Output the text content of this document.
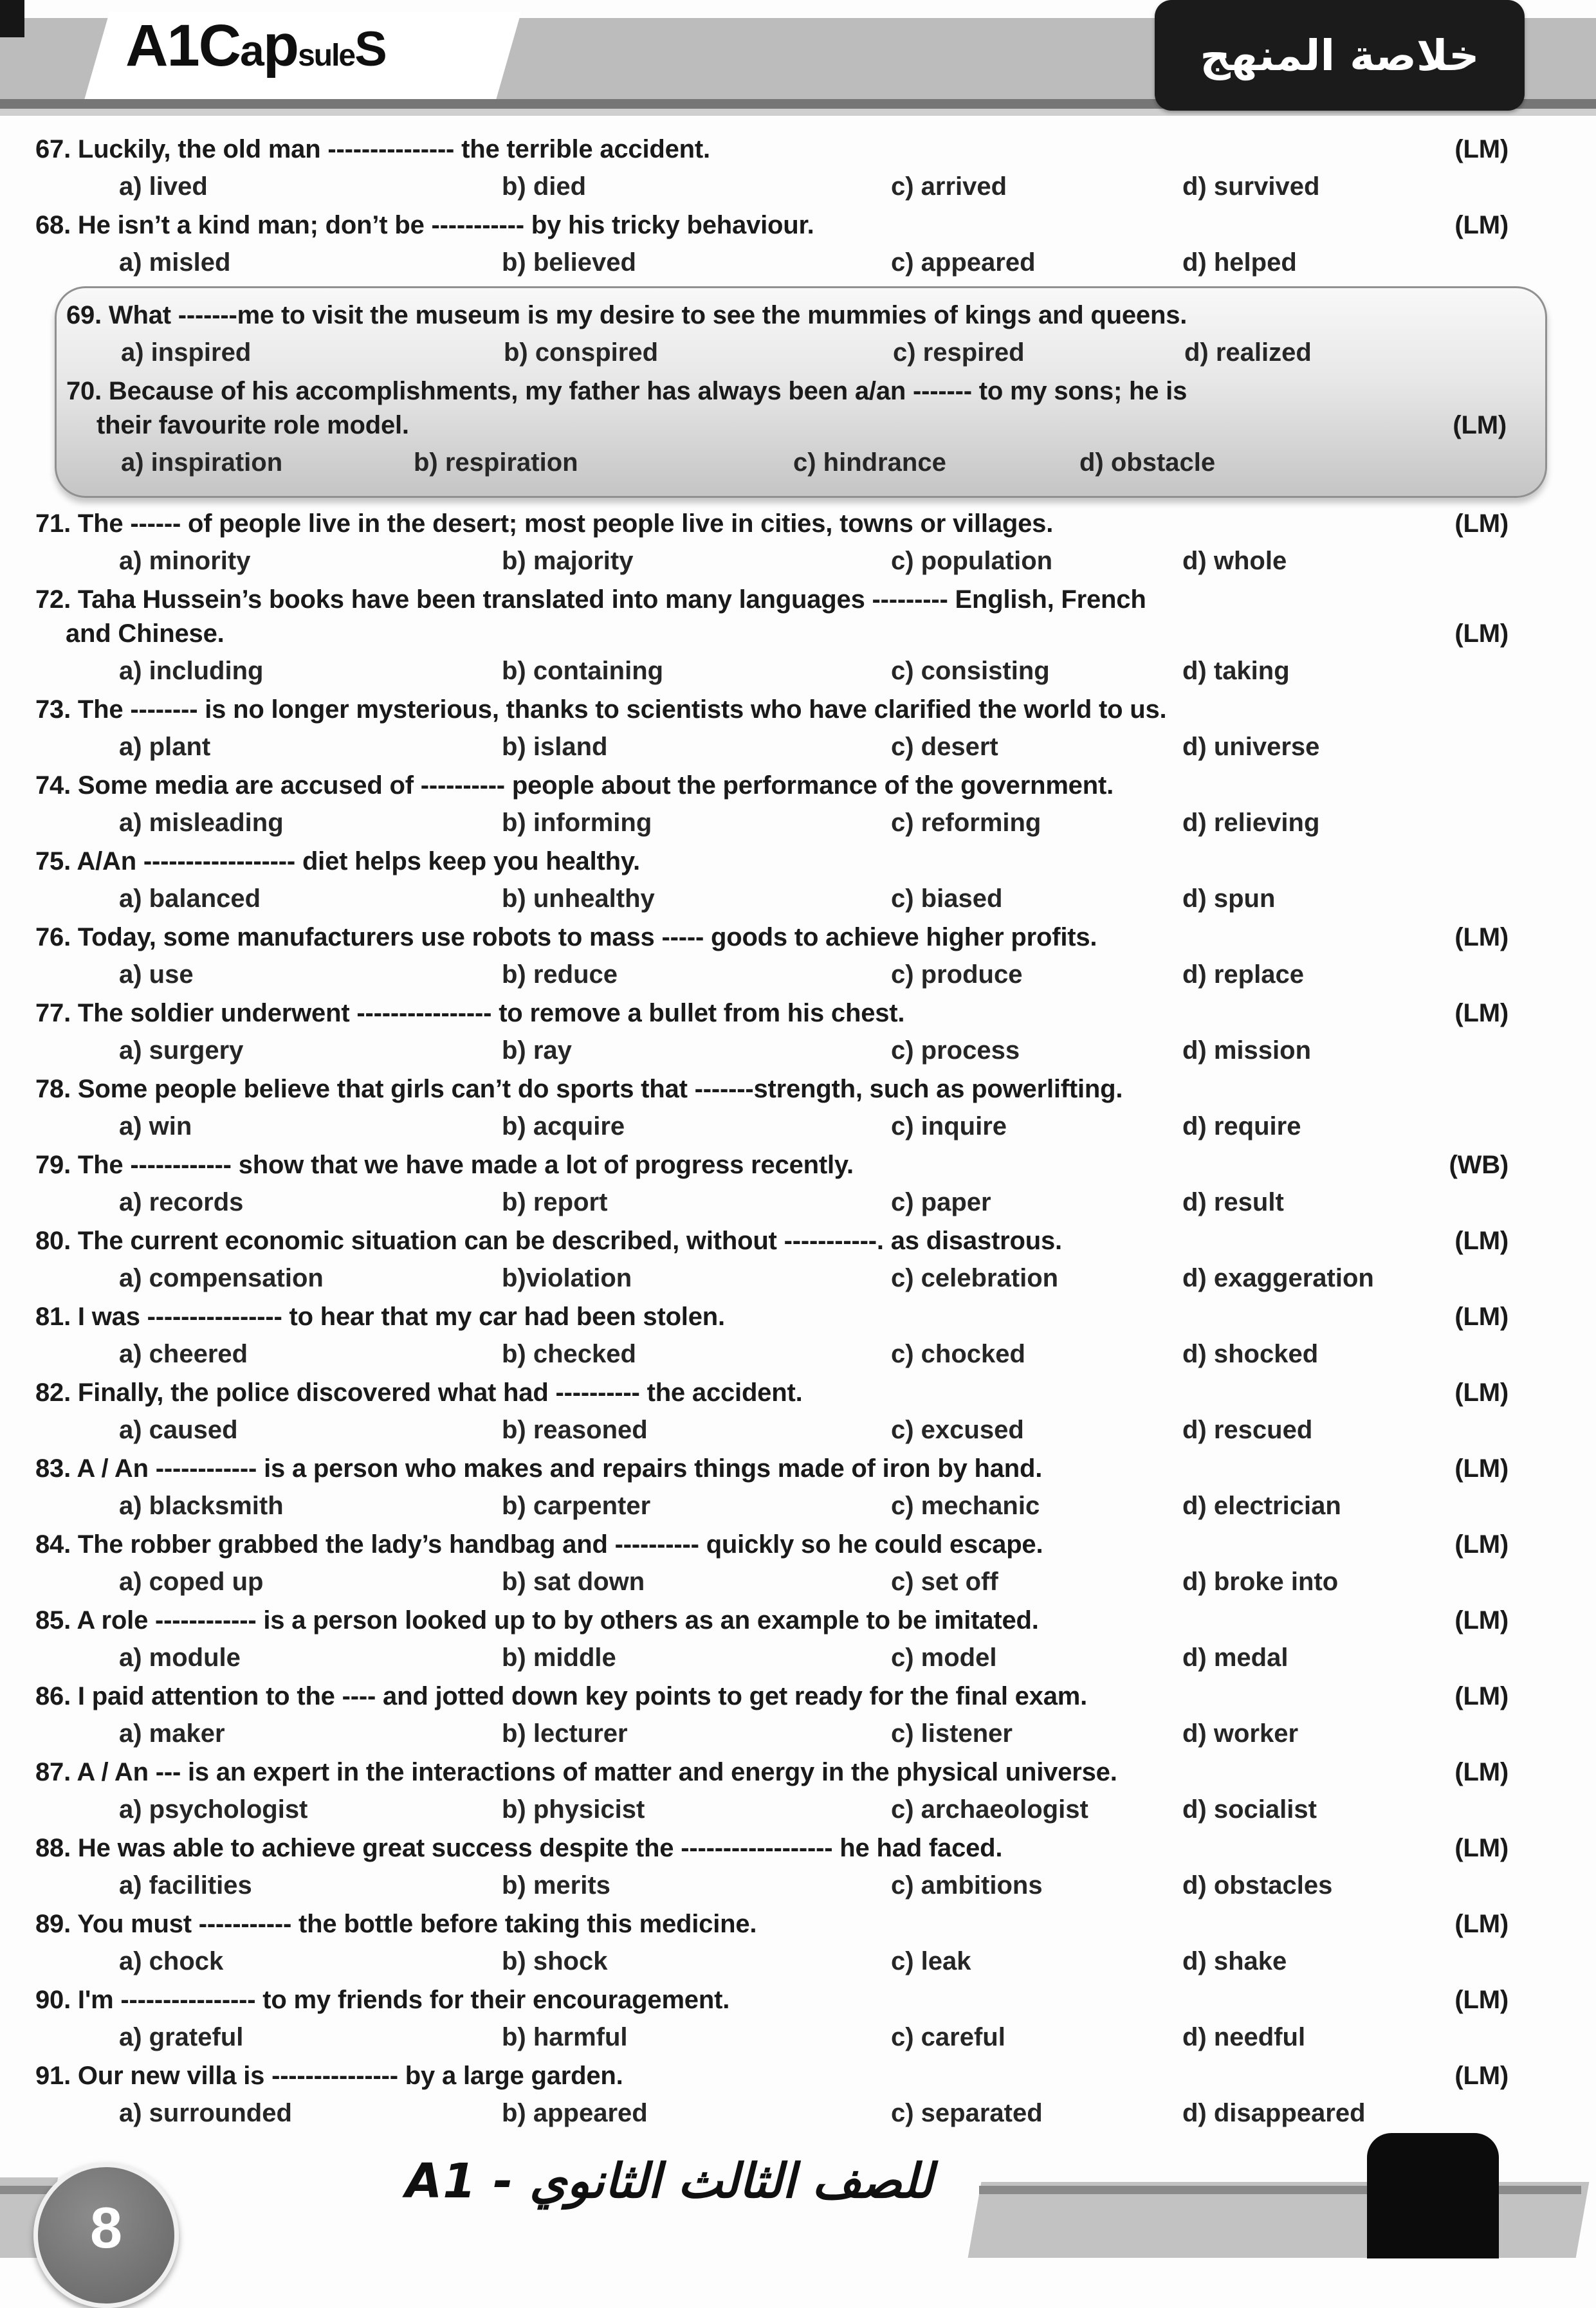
A1C a p sule S	خلاصة المنهج
67. Luckily, the old man --------------- the terrible accident.	(LM)
a) lived	b) died	c) arrived	d) survived
68. He isn’t a kind man; don’t be ----------- by his tricky behaviour.	(LM)
a) misled	b) believed	c) appeared	d) helped
69. What -------me to visit the museum is my desire to see the mummies of kings and queens.
a) inspired	b) conspired	c) respired	d) realized
70. Because of his accomplishments, my father has always been a/an ------- to my sons; he is
their favourite role model.	(LM)
a) inspiration	b) respiration	c) hindrance	d) obstacle
71. The ------ of people live in the desert; most people live in cities, towns or villages.	(LM)
a) minority	b) majority	c) population	d) whole
72. Taha Hussein’s books have been translated into many languages --------- English, French
and Chinese.	(LM)
a) including	b) containing	c) consisting	d) taking
73. The -------- is no longer mysterious, thanks to scientists who have clarified the world to us.
a) plant	b) island	c) desert	d) universe
74. Some media are accused of ---------- people about the performance of the government.
a) misleading	b) informing	c) reforming	d) relieving
75. A/An ------------------ diet helps keep you healthy.
a) balanced	b) unhealthy	c) biased	d) spun
76. Today, some manufacturers use robots to mass ----- goods to achieve higher profits.	(LM)
a) use	b) reduce	c) produce	d) replace
77. The soldier underwent ---------------- to remove a bullet from his chest.	(LM)
a) surgery	b) ray	c) process	d) mission
78. Some people believe that girls can’t do sports that -------strength, such as powerlifting.
a) win	b) acquire	c) inquire	d) require
79. The ------------ show that we have made a lot of progress recently.	(WB)
a) records	b) report	c) paper	d) result
80. The current economic situation can be described, without -----------. as disastrous.	(LM)
a) compensation	b)violation	c) celebration	d) exaggeration
81. I was ---------------- to hear that my car had been stolen.	(LM)
a) cheered	b) checked	c) chocked	d) shocked
82. Finally, the police discovered what had ---------- the accident.	(LM)
a) caused	b) reasoned	c) excused	d) rescued
83. A / An ------------ is a person who makes and repairs things made of iron by hand.	(LM)
a) blacksmith	b) carpenter	c) mechanic	d) electrician
84. The robber grabbed the lady’s handbag and ---------- quickly so he could escape.	(LM)
a) coped up	b) sat down	c) set off	d) broke into
85. A role ------------ is a person looked up to by others as an example to be imitated.	(LM)
a) module	b) middle	c) model	d) medal
86. I paid attention to the ---- and jotted down key points to get ready for the final exam.	(LM)
a) maker	b) lecturer	c) listener	d) worker
87. A / An --- is an expert in the interactions of matter and energy in the physical universe.	(LM)
a) psychologist	b) physicist	c) archaeologist	d) socialist
88. He was able to achieve great success despite the ------------------ he had faced.	(LM)
a) facilities	b) merits	c) ambitions	d) obstacles
89. You must ----------- the bottle before taking this medicine.	(LM)
a) chock	b) shock	c) leak	d) shake
90. I'm ---------------- to my friends for their encouragement.	(LM)
a) grateful	b) harmful	c) careful	d) needful
91. Our new villa is --------------- by a large garden.	(LM)
a) surrounded	b) appeared	c) separated	d) disappeared
8
للصف الثالث الثانوي - A1
